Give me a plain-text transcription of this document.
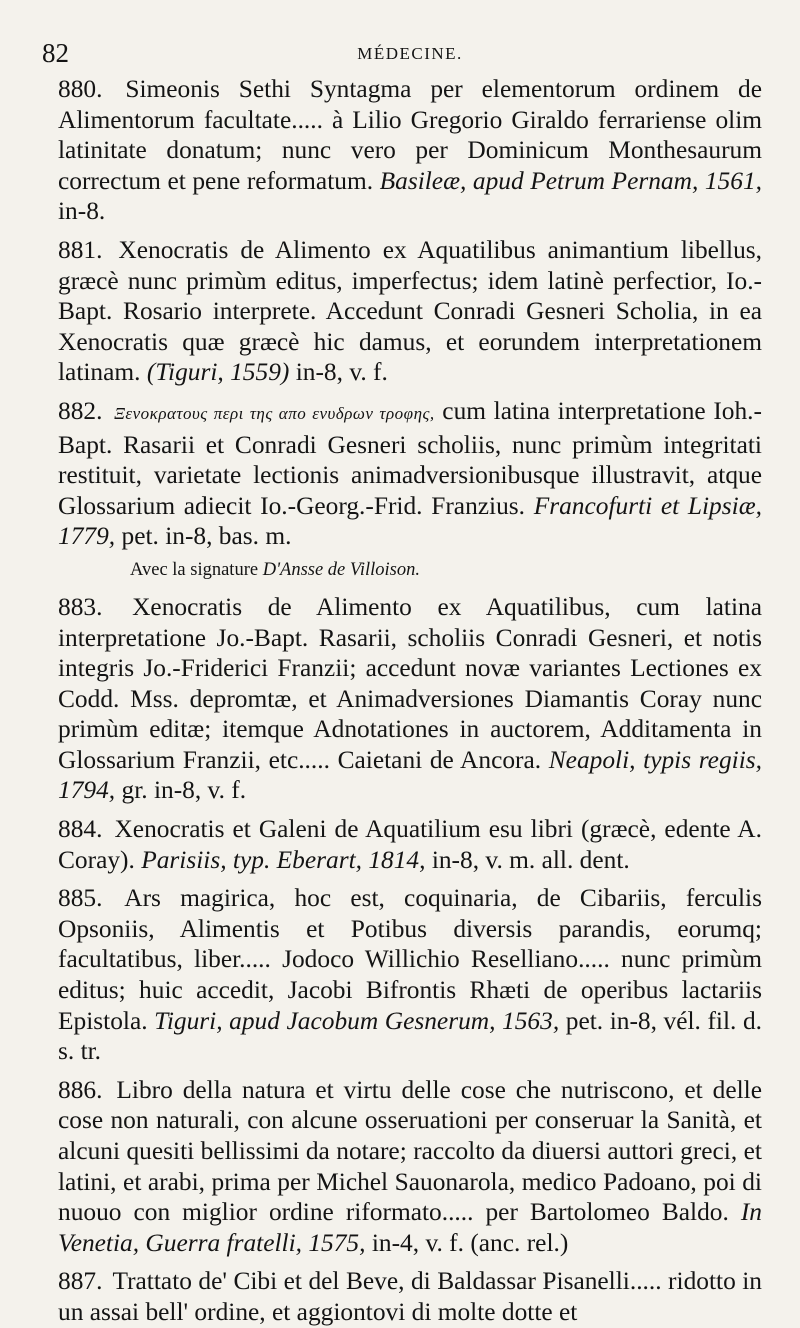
82	MÉDECINE.

880. Simeonis Sethi Syntagma per elementorum ordinem de Alimentorum facultate..... à Lilio Gregorio Giraldo ferrariense olim latinitate donatum; nunc vero per Dominicum Monthesaurum correctum et pene reformatum. Basileæ, apud Petrum Pernam, 1561, in-8.

881. Xenocratis de Alimento ex Aquatilibus animantium libellus, græcè nunc primùm editus, imperfectus; idem latinè perfectior, Io.-Bapt. Rosario interprete. Accedunt Conradi Gesneri Scholia, in ea Xenocratis quæ græcè hic damus, et eorundem interpretationem latinam. (Tiguri, 1559) in-8, v. f.

882. Ξενοκρατους περι της απο ενυδρων τροφης, cum latina interpretatione Ioh.-Bapt. Rasarii et Conradi Gesneri scholiis, nunc primùm integritati restituit, varietate lectionis animadversionibusque illustravit, atque Glossarium adiecit Io.-Georg.-Frid. Franzius. Francofurti et Lipsiæ, 1779, pet. in-8, bas. m.

Avec la signature D'Ansse de Villoison.

883. Xenocratis de Alimento ex Aquatilibus, cum latina interpretatione Jo.-Bapt. Rasarii, scholiis Conradi Gesneri, et notis integris Jo.-Friderici Franzii; accedunt novæ variantes Lectiones ex Codd. Mss. depromtæ, et Animadversiones Diamantis Coray nunc primùm editæ; itemque Adnotationes in auctorem, Additamenta in Glossarium Franzii, etc..... Caietani de Ancora. Neapoli, typis regiis, 1794, gr. in-8, v. f.

884. Xenocratis et Galeni de Aquatilium esu libri (græcè, edente A. Coray). Parisiis, typ. Eberart, 1814, in-8, v. m. all. dent.

885. Ars magirica, hoc est, coquinaria, de Cibariis, ferculis Opsoniis, Alimentis et Potibus diversis parandis, eorumq; facultatibus, liber..... Jodoco Willichio Reselliano..... nunc primùm editus; huic accedit, Jacobi Bifrontis Rhæti de operibus lactariis Epistola. Tiguri, apud Jacobum Gesnerum, 1563, pet. in-8, vél. fil. d. s. tr.

886. Libro della natura et virtu delle cose che nutriscono, et delle cose non naturali, con alcune osseruationi per conseruar la Sanità, et alcuni quesiti bellissimi da notare; raccolto da diuersi auttori greci, et latini, et arabi, prima per Michel Sauonarola, medico Padoano, poi di nuouo con miglior ordine riformato..... per Bartolomeo Baldo. In Venetia, Guerra fratelli, 1575, in-4, v. f. (anc. rel.)

887. Trattato de' Cibi et del Beve, di Baldassar Pisanelli..... ridotto in un assai bell' ordine, et aggiontovi di molte dotte et
